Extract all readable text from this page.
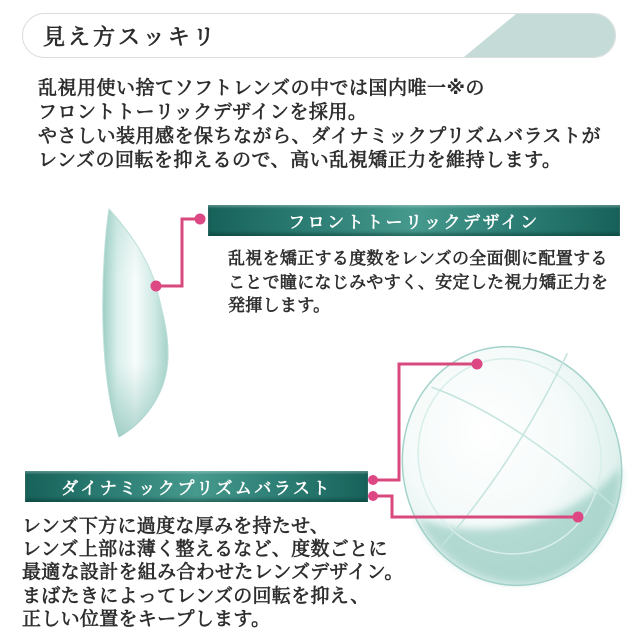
見え方スッキリ
乱視用使い捨てソフトレンズの中では国内唯一※の
フロントトーリックデザインを採用。
やさしい装用感を保ちながら、ダイナミックプリズムバラストが
レンズの回転を抑えるので、高い乱視矯正力を維持します。
フロントトーリックデザイン
乱視を矯正する度数をレンズの全面側に配置する
ことで瞳になじみやすく、安定した視力矯正力を
発揮します。
ダイナミックプリズムバラスト
レンズ下方に過度な厚みを持たせ、
レンズ上部は薄く整えるなど、度数ごとに
最適な設計を組み合わせたレンズデザイン。
まばたきによってレンズの回転を抑え、
正しい位置をキープします。
